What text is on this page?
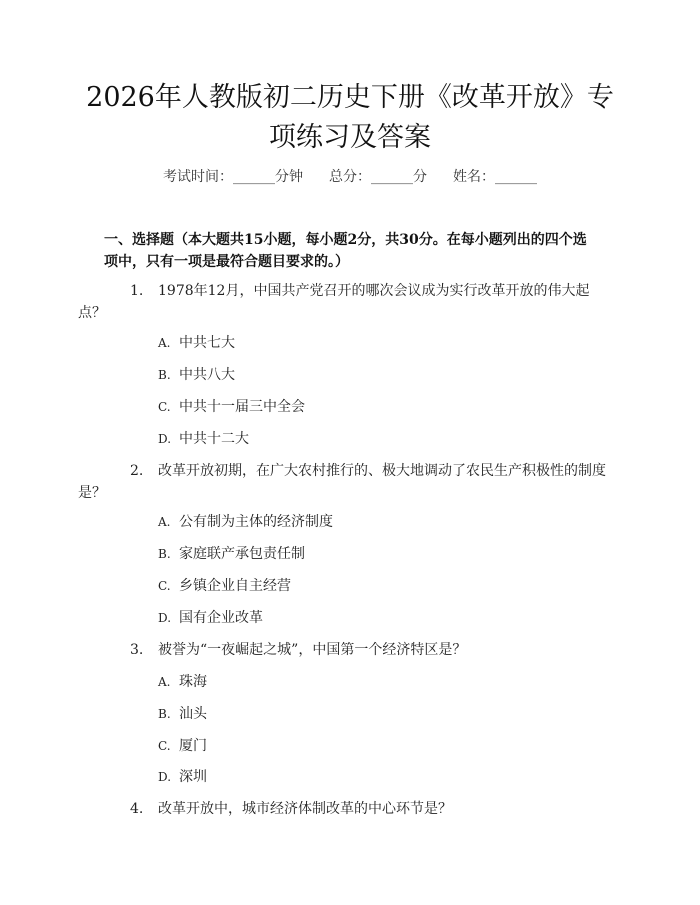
2026年人教版初二历史下册《改革开放》专
项练习及答案
考试时间：______分钟 总分：______分 姓名：______
一、选择题（本大题共15小题，每小题2分，共30分。在每小题列出的四个选
项中，只有一项是最符合题目要求的。）
1. 1978年12月，中国共产党召开的哪次会议成为实行改革开放的伟大起
点？
A. 中共七大
B. 中共八大
C. 中共十一届三中全会
D. 中共十二大
2. 改革开放初期，在广大农村推行的、极大地调动了农民生产积极性的制度
是？
A. 公有制为主体的经济制度
B. 家庭联产承包责任制
C. 乡镇企业自主经营
D. 国有企业改革
3. 被誉为“一夜崛起之城”，中国第一个经济特区是？
A. 珠海
B. 汕头
C. 厦门
D. 深圳
4. 改革开放中，城市经济体制改革的中心环节是？
